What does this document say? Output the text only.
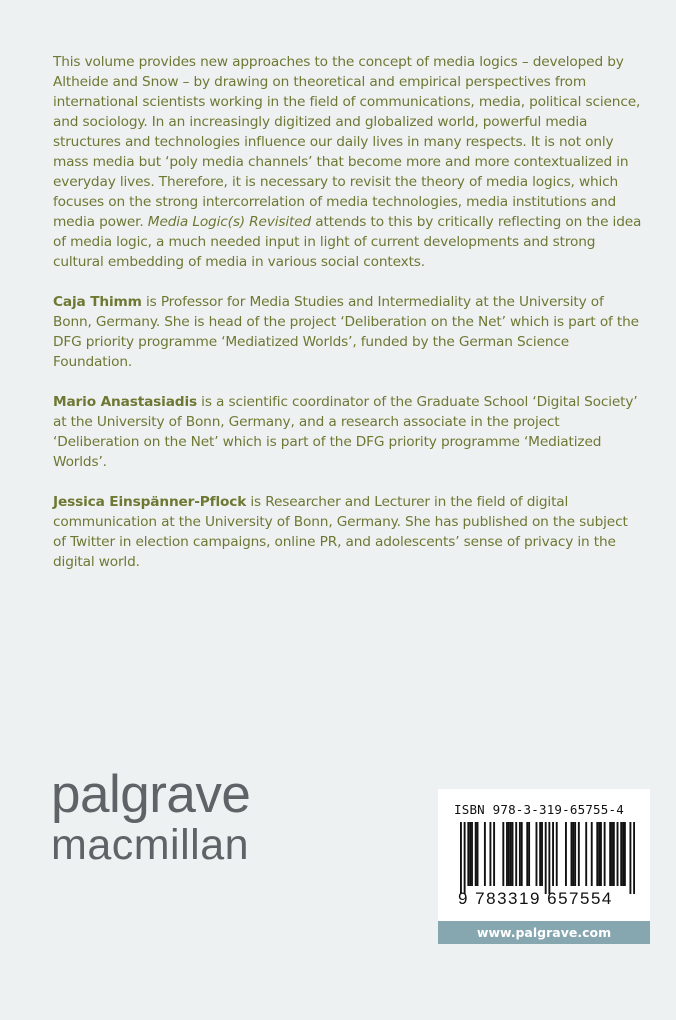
This volume provides new approaches to the concept of media logics – developed by Altheide and Snow – by drawing on theoretical and empirical perspectives from international scientists working in the field of communications, media, political science, and sociology. In an increasingly digitized and globalized world, powerful media structures and technologies influence our daily lives in many respects. It is not only mass media but ‘poly media channels’ that become more and more contextualized in everyday lives. Therefore, it is necessary to revisit the theory of media logics, which focuses on the strong intercorrelation of media technologies, media institutions and media power. Media Logic(s) Revisited attends to this by critically reflecting on the idea of media logic, a much needed input in light of current developments and strong cultural embedding of media in various social contexts.

Caja Thimm is Professor for Media Studies and Intermediality at the University of Bonn, Germany. She is head of the project ‘Deliberation on the Net’ which is part of the DFG priority programme ‘Mediatized Worlds’, funded by the German Science Foundation.

Mario Anastasiadis is a scientific coordinator of the Graduate School ‘Digital Society’ at the University of Bonn, Germany, and a research associate in the project ‘Deliberation on the Net’ which is part of the DFG priority programme ‘Mediatized Worlds’.

Jessica Einspänner-Pflock is Researcher and Lecturer in the field of digital communication at the University of Bonn, Germany. She has published on the subject of Twitter in election campaigns, online PR, and adolescents’ sense of privacy in the digital world.

palgrave
macmillan
ISBN 978-3-319-65755-4
9 783319 657554
www.palgrave.com
